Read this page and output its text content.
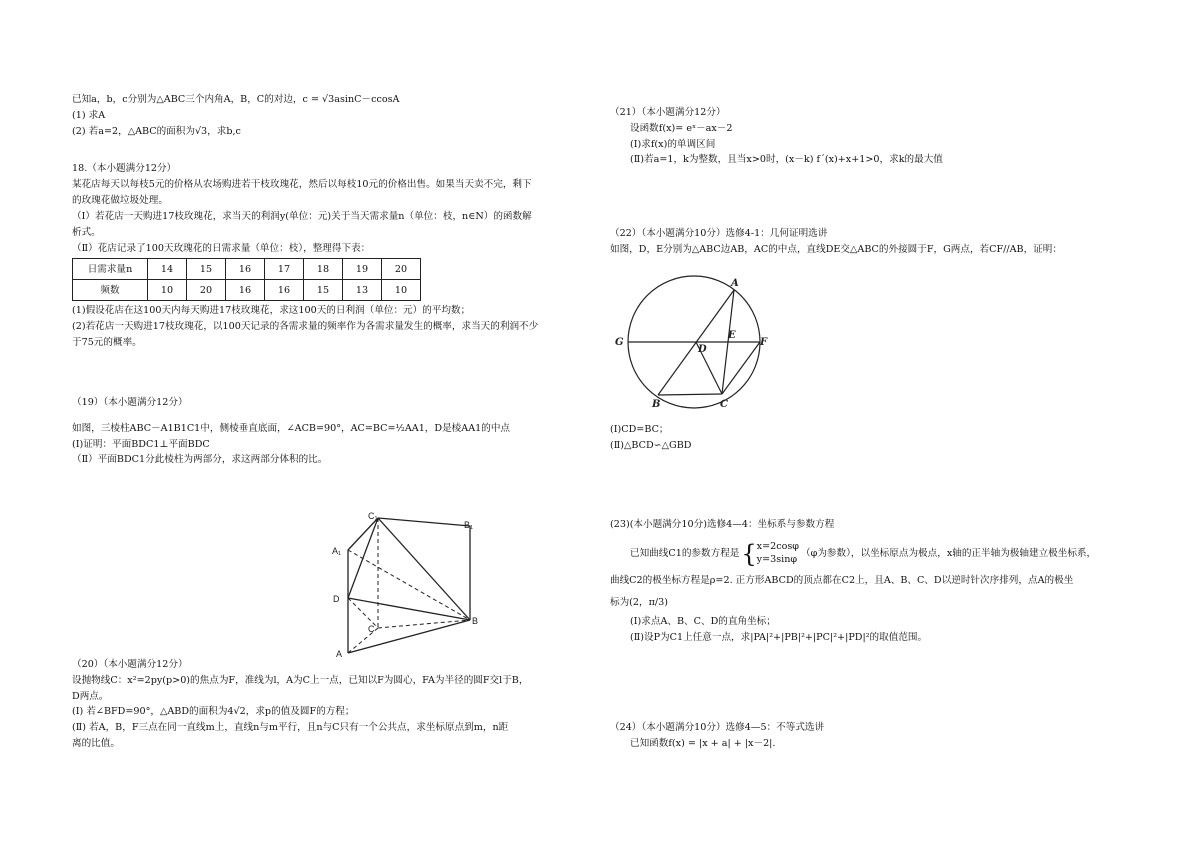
已知a，b，c分别为△ABC三个内角A，B，C的对边，c = √3asinC－ccosA

(1) 求A

(2) 若a=2，△ABC的面积为√3，求b,c

18.（本小题满分12分）

某花店每天以每枝5元的价格从农场购进若干枝玫瑰花，然后以每枝10元的价格出售。如果当天卖不完，剩下

的玫瑰花做垃圾处理。

（Ⅰ）若花店一天购进17枝玫瑰花，求当天的利润y(单位：元)关于当天需求量n（单位：枝，n∈N）的函数解

析式。

（Ⅱ）花店记录了100天玫瑰花的日需求量（单位：枝），整理得下表：

日需求量n	14	15	16	17	18	19	20
频数	10	20	16	16	15	13	10

(1)假设花店在这100天内每天购进17枝玫瑰花，求这100天的日利润（单位：元）的平均数；

(2)若花店一天购进17枝玫瑰花，以100天记录的各需求量的频率作为各需求量发生的概率，求当天的利润不少

于75元的概率。

（19）（本小题满分12分）

如图，三棱柱ABC－A1B1C1中，侧棱垂直底面，∠ACB=90°，AC=BC=½AA1，D是棱AA1的中点

(Ⅰ)证明：平面BDC1⊥平面BDC

（Ⅱ）平面BDC1分此棱柱为两部分，求这两部分体积的比。

C₁
B₁
A₁
D
C
B
A

（20）（本小题满分12分）

设抛物线C：x²=2py(p>0)的焦点为F，准线为l，A为C上一点，已知以F为圆心，FA为半径的圆F交l于B，

D两点。

(Ⅰ) 若∠BFD=90°，△ABD的面积为4√2，求p的值及圆F的方程；

(Ⅱ) 若A，B，F三点在同一直线m上，直线n与m平行，且n与C只有一个公共点，求坐标原点到m，n距

离的比值。

（21）（本小题满分12分）

设函数f(x)= eˣ－ax－2

(Ⅰ)求f(x)的单调区间

(Ⅱ)若a=1，k为整数，且当x>0时，(x－k) f´(x)+x+1>0，求k的最大值

（22）（本小题满分10分）选修4-1：几何证明选讲

如图，D，E分别为△ABC边AB，AC的中点，直线DE交△ABC的外接圆于F，G两点，若CF//AB，证明：

A
E
G
D
F
B	C

(Ⅰ)CD=BC；

(Ⅱ)△BCD∽△GBD

(23)(本小题满分10分)选修4—4：坐标系与参数方程

已知曲线C1的参数方程是 { x=2cosφ
y=3sinφ
（φ为参数），以坐标原点为极点，x轴的正半轴为极轴建立极坐标系，

曲线C2的极坐标方程是ρ=2. 正方形ABCD的顶点都在C2上，且A、B、C、D以逆时针次序排列，点A的极坐

标为(2，π/3)

(Ⅰ)求点A、B、C、D的直角坐标；

(Ⅱ)设P为C1上任意一点，求|PA|²+|PB|²+|PC|²+|PD|²的取值范围。

（24）（本小题满分10分）选修4—5：不等式选讲

已知函数f(x) = |x + a| + |x－2|.
